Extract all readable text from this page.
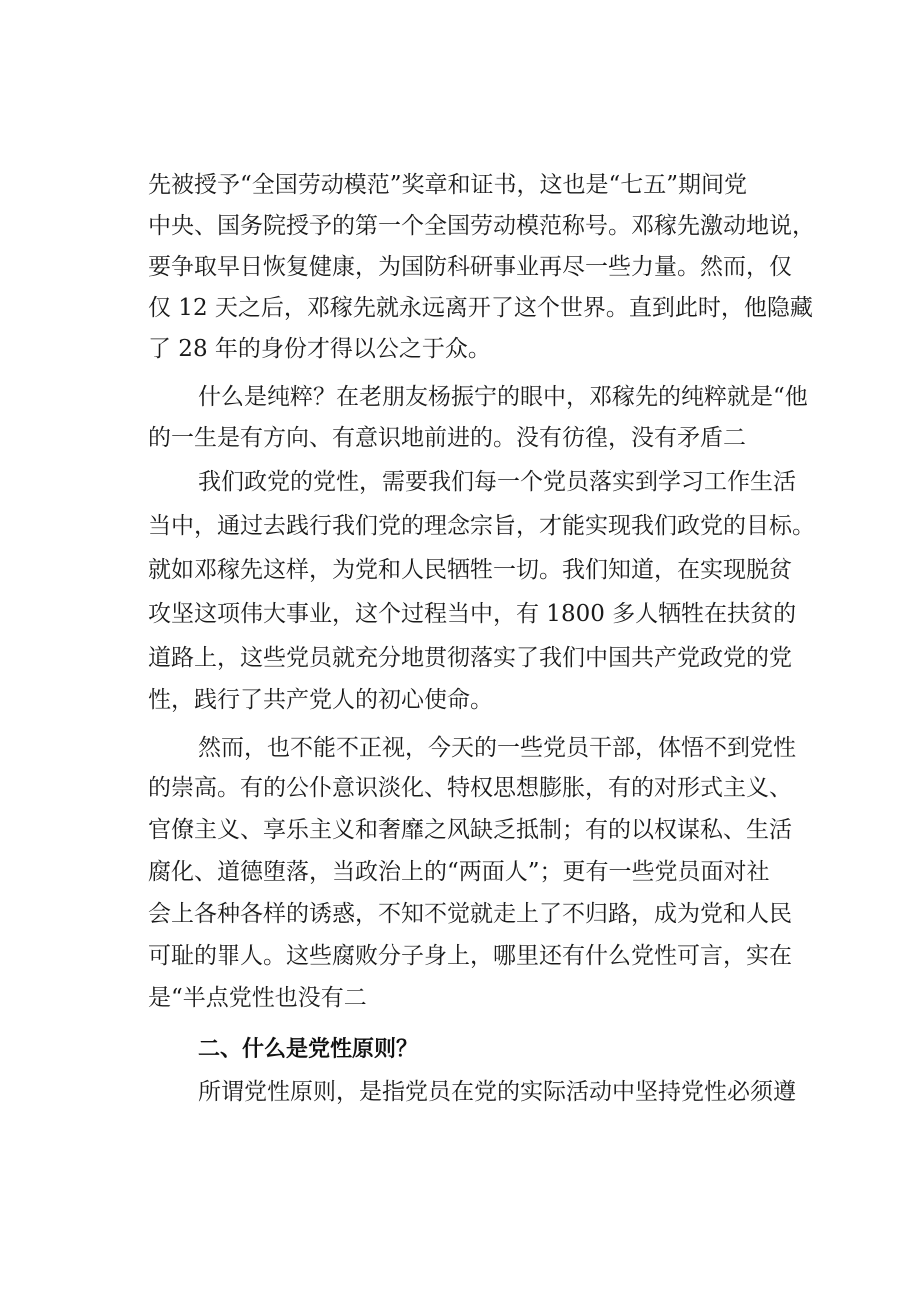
先被授予“全国劳动模范”奖章和证书，这也是“七五”期间党
中央、国务院授予的第一个全国劳动模范称号。邓稼先激动地说，
要争取早日恢复健康，为国防科研事业再尽一些力量。然而，仅
仅 12 天之后，邓稼先就永远离开了这个世界。直到此时，他隐藏
了 28 年的身份才得以公之于众。
什么是纯粹？在老朋友杨振宁的眼中，邓稼先的纯粹就是“他
的一生是有方向、有意识地前进的。没有彷徨，没有矛盾二
我们政党的党性，需要我们每一个党员落实到学习工作生活
当中，通过去践行我们党的理念宗旨，才能实现我们政党的目标。
就如邓稼先这样，为党和人民牺牲一切。我们知道，在实现脱贫
攻坚这项伟大事业，这个过程当中，有 1800 多人牺牲在扶贫的
道路上，这些党员就充分地贯彻落实了我们中国共产党政党的党
性，践行了共产党人的初心使命。
然而，也不能不正视，今天的一些党员干部，体悟不到党性
的崇高。有的公仆意识淡化、特权思想膨胀，有的对形式主义、
官僚主义、享乐主义和奢靡之风缺乏抵制；有的以权谋私、生活
腐化、道德堕落，当政治上的“两面人”；更有一些党员面对社
会上各种各样的诱惑，不知不觉就走上了不归路，成为党和人民
可耻的罪人。这些腐败分子身上，哪里还有什么党性可言，实在
是“半点党性也没有二
所谓党性原则，是指党员在党的实际活动中坚持党性必须遵
二、什么是党性原则？
